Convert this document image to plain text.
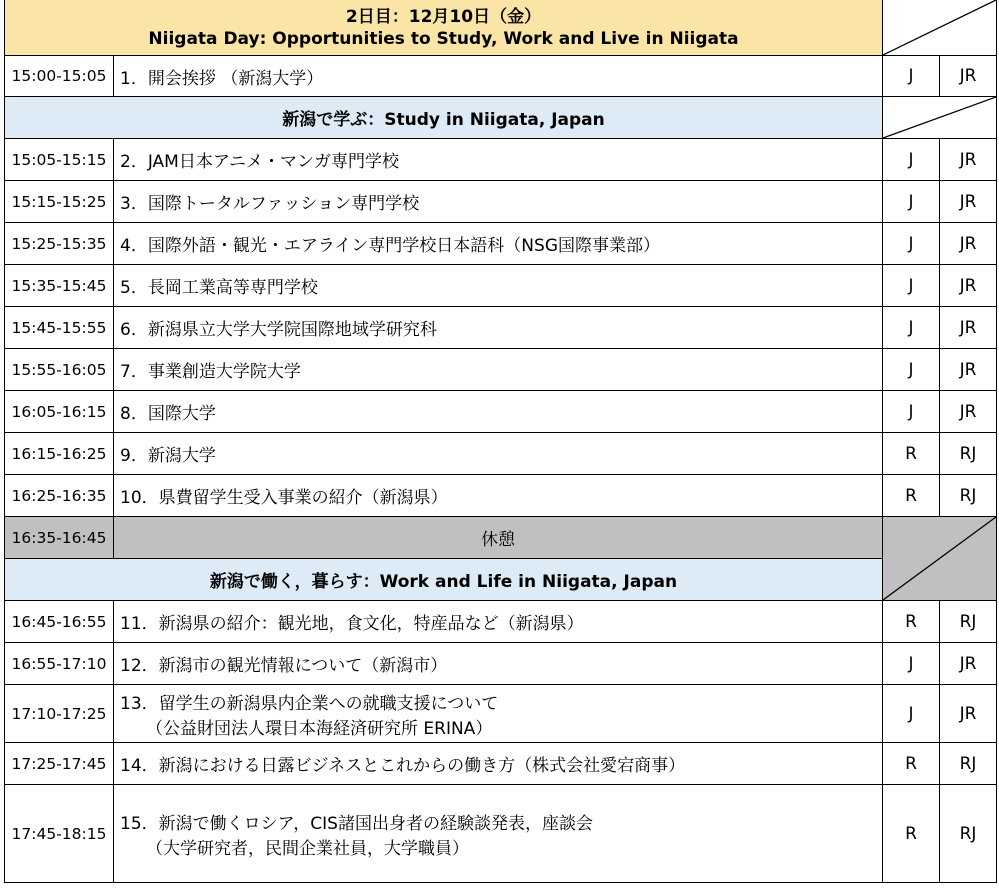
2日目：12月10日（金）
Niigata Day: Opportunities to Study, Work and Live in Niigata

15:00-15:05	1．開会挨拶 （新潟大学）	J	JR
新潟で学ぶ：Study in Niigata, Japan	

15:05-15:15	2．JAM日本アニメ・マンガ専門学校	J	JR
15:15-15:25	3．国際トータルファッション専門学校	J	JR
15:25-15:35	4．国際外語・観光・エアライン専門学校日本語科（NSG国際事業部）	J	JR
15:35-15:45	5．長岡工業高等専門学校	J	JR
15:45-15:55	6．新潟県立大学大学院国際地域学研究科	J	JR
15:55-16:05	7．事業創造大学院大学	J	JR
16:05-16:15	8．国際大学	J	JR
16:15-16:25	9．新潟大学	R	RJ
16:25-16:35	10．県費留学生受入事業の紹介（新潟県）	R	RJ
16:35-16:45	休憩	

新潟で働く，暮らす：Work and Life in Niigata, Japan			
16:45-16:55	11．新潟県の紹介：観光地，食文化，特産品など（新潟県）	R	RJ
16:55-17:10	12．新潟市の観光情報について（新潟市）	J	JR
17:10-17:25	13．留学生の新潟県内企業への就職支援について
（公益財団法人環日本海経済研究所 ERINA）	J	JR
17:25-17:45	14．新潟における日露ビジネスとこれからの働き方（株式会社愛宕商事）	R	RJ
17:45-18:15	15．新潟で働くロシア，CIS諸国出身者の経験談発表，座談会
（大学研究者，民間企業社員，大学職員）	R	RJ
